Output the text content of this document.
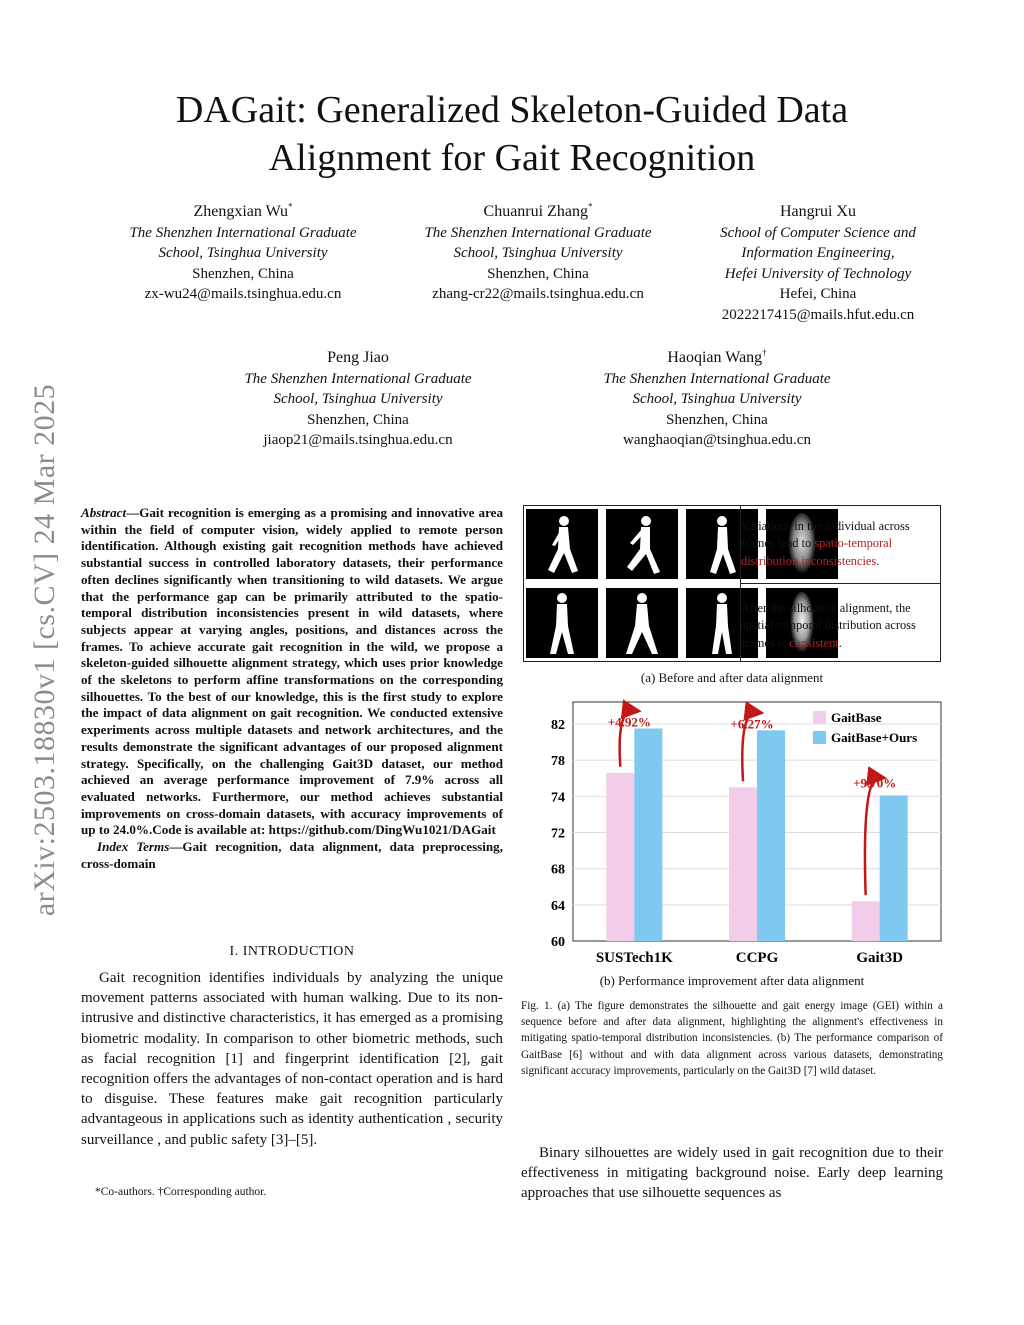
arXiv:2503.18830v1 [cs.CV] 24 Mar 2025
DAGait: Generalized Skeleton-Guided Data
Alignment for Gait Recognition
Zhengxian Wu*
The Shenzhen International Graduate
School, Tsinghua University
Shenzhen, China
zx-wu24@mails.tsinghua.edu.cn
Chuanrui Zhang*
The Shenzhen International Graduate
School, Tsinghua University
Shenzhen, China
zhang-cr22@mails.tsinghua.edu.cn
Hangrui Xu
School of Computer Science and
Information Engineering,
Hefei University of Technology
Hefei, China
2022217415@mails.hfut.edu.cn
Peng Jiao
The Shenzhen International Graduate
School, Tsinghua University
Shenzhen, China
jiaop21@mails.tsinghua.edu.cn
Haoqian Wang†
The Shenzhen International Graduate
School, Tsinghua University
Shenzhen, China
wanghaoqian@tsinghua.edu.cn
Abstract—Gait recognition is emerging as a promising and innovative area within the field of computer vision, widely applied to remote person identification. Although existing gait recognition methods have achieved substantial success in controlled laboratory datasets, their performance often declines significantly when transitioning to wild datasets. We argue that the performance gap can be primarily attributed to the spatio-temporal distribution inconsistencies present in wild datasets, where subjects appear at varying angles, positions, and distances across the frames. To achieve accurate gait recognition in the wild, we propose a skeleton-guided silhouette alignment strategy, which uses prior knowledge of the skeletons to perform affine transformations on the corresponding silhouettes. To the best of our knowledge, this is the first study to explore the impact of data alignment on gait recognition. We conducted extensive experiments across multiple datasets and network architectures, and the results demonstrate the significant advantages of our proposed alignment strategy. Specifically, on the challenging Gait3D dataset, our method achieved an average performance improvement of 7.9% across all evaluated networks. Furthermore, our method achieves substantial improvements on cross-domain datasets, with accuracy improvements of up to 24.0%.Code is available at: https://github.com/DingWu1021/DAGait
Index Terms—Gait recognition, data alignment, data preprocessing, cross-domain
I. INTRODUCTION
Gait recognition identifies individuals by analyzing the unique movement patterns associated with human walking. Due to its non-intrusive and distinctive characteristics, it has emerged as a promising biometric modality. In comparison to other biometric methods, such as facial recognition [1] and fingerprint identification [2], gait recognition offers the advantages of non-contact operation and is hard to disguise. These features make gait recognition particularly advantageous in applications such as identity authentication , security surveillance , and public safety [3]–[5].
*Co-authors. †Corresponding author.
Variations in the individual across frames lead to spatio-temporal distribution inconsistencies.
After the silhouette alignment, the spatial-temporal distribution across frames is consistent.
(a) Before and after data alignment
60
64
68
72
74
78
82	+4.92%
SUSTech1K
+6.27%
CCPG
+9.70%
Gait3D
GaitBase
GaitBase+Ours
(b) Performance improvement after data alignment
Fig. 1. (a) The figure demonstrates the silhouette and gait energy image (GEI) within a sequence before and after data alignment, highlighting the alignment's effectiveness in mitigating spatio-temporal distribution inconsistencies. (b) The performance comparison of GaitBase [6] without and with data alignment across various datasets, demonstrating significant accuracy improvements, particularly on the Gait3D [7] wild dataset.
Binary silhouettes are widely used in gait recognition due to their effectiveness in mitigating background noise. Early deep learning approaches that use silhouette sequences as
